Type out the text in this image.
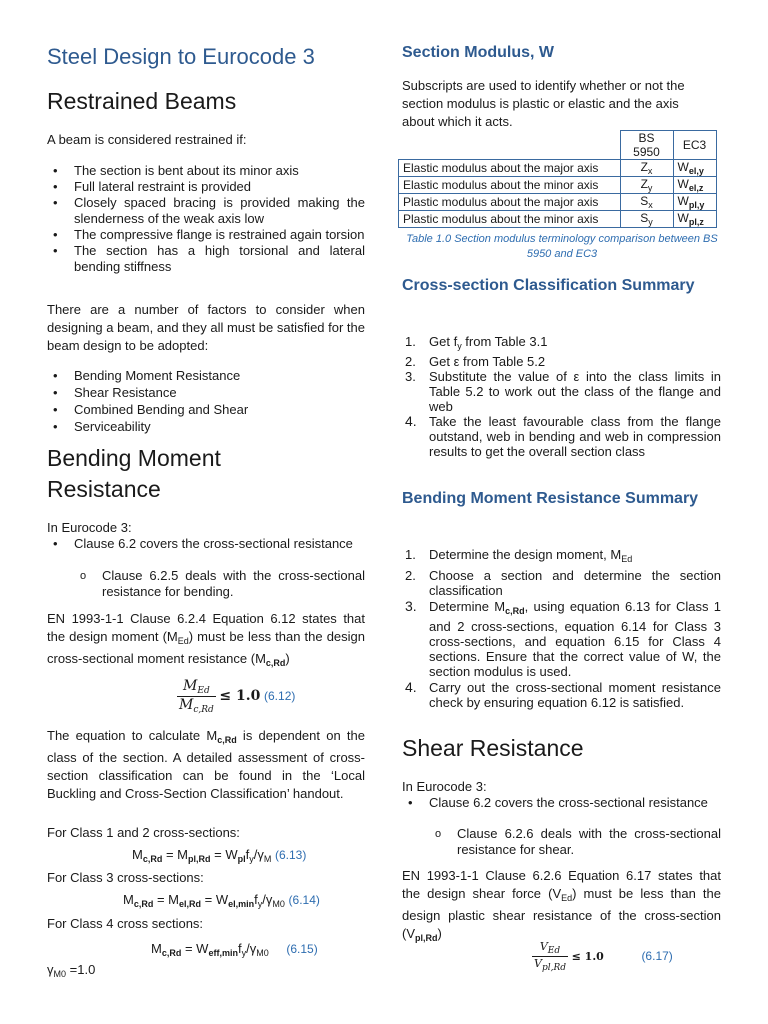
Steel Design to Eurocode 3
Restrained Beams

A beam is considered restrained if:

• The section is bent about its minor axis
• Full lateral restraint is provided
• Closely spaced bracing is provided making the slenderness of the weak axis low
• The compressive flange is restrained again torsion
• The section has a high torsional and lateral bending stiffness

There are a number of factors to consider when designing a beam, and they all must be satisfied for the beam design to be adopted:

• Bending Moment Resistance
• Shear Resistance
• Combined Bending and Shear
• Serviceability
Bending Moment Resistance

In Eurocode 3:

• Clause 6.2 covers the cross-sectional resistance
o Clause 6.2.5 deals with the cross-sectional resistance for bending.

EN 1993-1-1 Clause 6.2.4 Equation 6.12 states that the design moment $(M_{Ed})$ must be less than the design cross-sectional moment resistance $(M_{c,Rd})$

$\frac{M_{Ed}}{M_{c,Rd}} \le 1.0$ (6.12)

The equation to calculate $M_{c,Rd}$ is dependent on the class of the section. A detailed assessment of cross-section classification can be found in the ‘Local Buckling and Cross-Section Classification’ handout.

For Class 1 and 2 cross-sections:

$M_{c,Rd} = M_{pl,Rd} = W_{pl}f_y/\gamma_M$ (6.13)

For Class 3 cross-sections:

$M_{c,Rd} = M_{el,Rd} = W_{el,min}f_y/\gamma_{M0}$ (6.14)

For Class 4 cross sections:

$M_{c,Rd} = W_{eff,min}f_y/\gamma_{M0}$ (6.15)
$\gamma_{M0} =1.0$
Section Modulus, W

Subscripts are used to identify whether or not the section modulus is plastic or elastic and the axis about which it acts.

	BS 5950	EC3
Elastic modulus about the major axis	$Z_x$	$W_{el,y}$
Elastic modulus about the minor axis	$Z_y$	$W_{el,z}$
Plastic modulus about the major axis	$S_x$	$W_{pl,y}$
Plastic modulus about the minor axis	$S_y$	$W_{pl,z}$
Table 1.0 Section modulus terminology comparison between BS 5950 and EC3
Cross-section Classification Summary
1. Get $f_y$ from Table 3.1
2. Get ε from Table 5.2
3. Substitute the value of ε into the class limits in Table 5.2 to work out the class of the flange and web
4. Take the least favourable class from the flange outstand, web in bending and web in compression results to get the overall section class
Bending Moment Resistance Summary
1. Determine the design moment, $M_{Ed}$
2. Choose a section and determine the section classification
3. Determine $M_{c,Rd}$, using equation 6.13 for Class 1 and 2 cross-sections, equation 6.14 for Class 3 cross-sections, and equation 6.15 for Class 4 sections. Ensure that the correct value of W, the section modulus is used.
4. Carry out the cross-sectional moment resistance check by ensuring equation 6.12 is satisfied.
Shear Resistance

In Eurocode 3:

• Clause 6.2 covers the cross-sectional resistance
o Clause 6.2.6 deals with the cross-sectional resistance for shear.

EN 1993-1-1 Clause 6.2.6 Equation 6.17 states that the design shear force $(V_{Ed})$ must be less than the design plastic shear resistance of the cross-section $(V_{pl,Rd})$

$\frac{V_{Ed}}{V_{pl,Rd}} \le 1.0$	(6.17)
